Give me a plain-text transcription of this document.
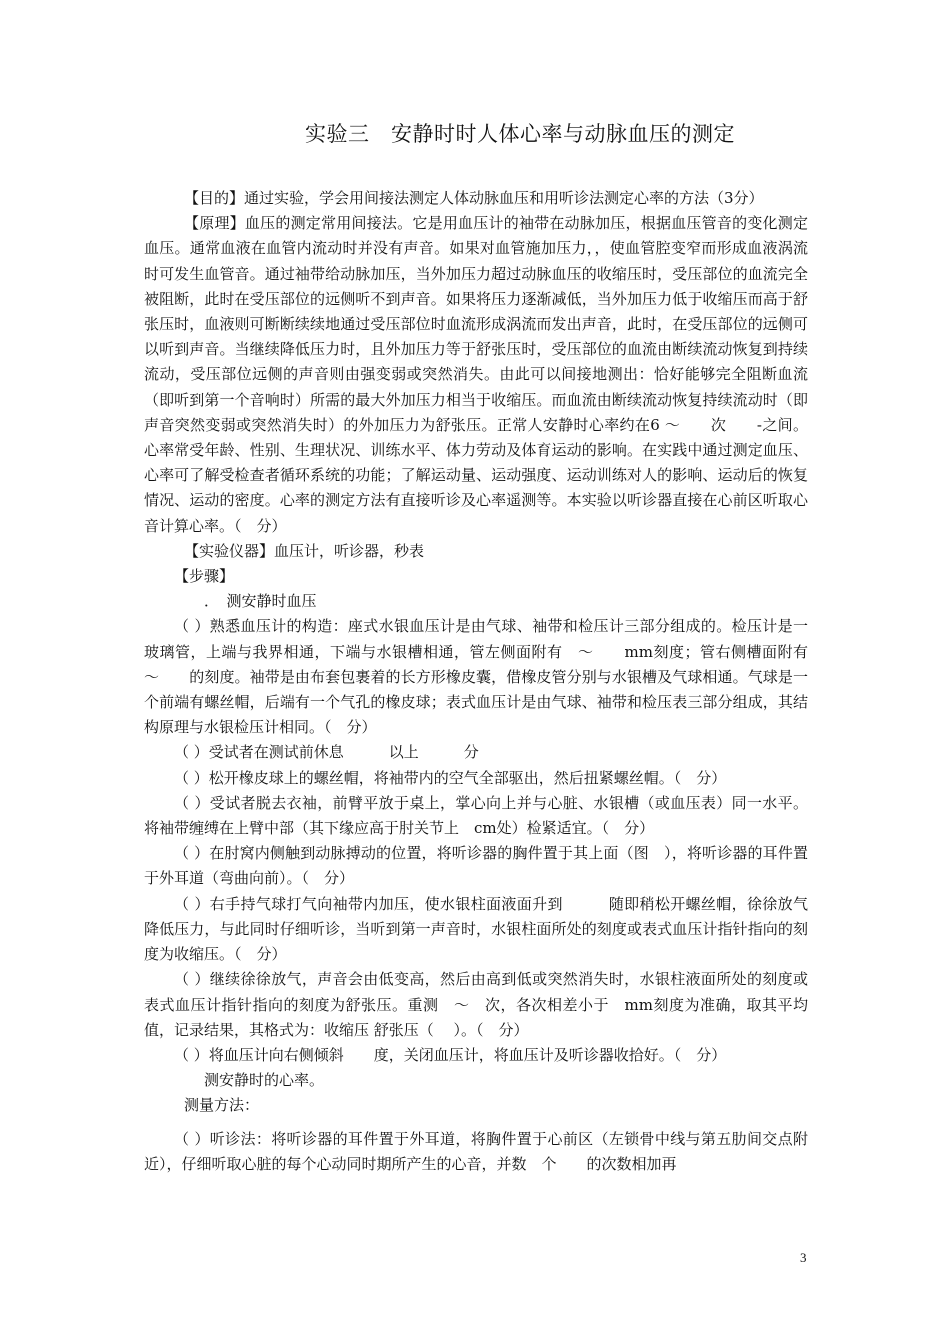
实验三　安静时时人体心率与动脉血压的测定

【目的】通过实验，学会用间接法测定人体动脉血压和用听诊法测定心率的方法（3分）

【原理】血压的测定常用间接法。它是用血压计的袖带在动脉加压，根据血压管音的变化测定血压。通常血液在血管内流动时并没有声音。如果对血管施加压力，，使血管腔变窄而形成血液涡流时可发生血管音。通过袖带给动脉加压，当外加压力超过动脉血压的收缩压时，受压部位的血流完全被阻断，此时在受压部位的远侧听不到声音。如果将压力逐渐减低，当外加压力低于收缩压而高于舒张压时，血液则可断断续续地通过受压部位时血流形成涡流而发出声音，此时，在受压部位的远侧可以听到声音。当继续降低压力时，且外加压力等于舒张压时，受压部位的血流由断续流动恢复到持续流动，受压部位远侧的声音则由强变弱或突然消失。由此可以间接地测出：恰好能够完全阻断血流（即听到第一个音响时）所需的最大外加压力相当于收缩压。而血流由断续流动恢复持续流动时（即声音突然变弱或突然消失时）的外加压力为舒张压。正常人安静时心率约在6 ～　　次　　-之间。心率常受年龄、性别、生理状况、训练水平、体力劳动及体育运动的影响。在实践中通过测定血压、心率可了解受检查者循环系统的功能；了解运动量、运动强度、运动训练对人的影响、运动后的恢复情况、运动的密度。心率的测定方法有直接听诊及心率遥测等。本实验以听诊器直接在心前区听取心音计算心率。（　分）

【实验仪器】血压计，听诊器，秒表

【步骤】

．　测安静时血压

（ ）熟悉血压计的构造：座式水银血压计是由气球、袖带和检压计三部分组成的。检压计是一玻璃管，上端与我界相通，下端与水银槽相通，管左侧面附有　～　　mm刻度；管右侧槽面附有　～　　的刻度。袖带是由布套包裹着的长方形橡皮囊，借橡皮管分别与水银槽及气球相通。气球是一个前端有螺丝帽，后端有一个气孔的橡皮球；表式血压计是由气球、袖带和检压表三部分组成，其结构原理与水银检压计相同。（　分）

（ ）受试者在测试前休息　　　以上　　　分

（ ）松开橡皮球上的螺丝帽，将袖带内的空气全部驱出，然后扭紧螺丝帽。（　分）

（ ）受试者脱去衣袖，前臂平放于桌上，掌心向上并与心脏、水银槽（或血压表）同一水平。将袖带缠缚在上臂中部（其下缘应高于肘关节上　cm处）检紧适宜。（　分）

（ ）在肘窝内侧触到动脉搏动的位置，将听诊器的胸件置于其上面（图　），将听诊器的耳件置于外耳道（弯曲向前）。（　分）

（ ）右手持气球打气向袖带内加压，使水银柱面液面升到　　　随即稍松开螺丝帽，徐徐放气降低压力，与此同时仔细听诊，当听到第一声音时，水银柱面所处的刻度或表式血压计指针指向的刻度为收缩压。（　分）

（ ）继续徐徐放气，声音会由低变高，然后由高到低或突然消失时，水银柱液面所处的刻度或表式血压计指针指向的刻度为舒张压。重测　～　次，各次相差小于　mm刻度为准确，取其平均值，记录结果，其格式为：收缩压 舒张压（　 ）。（　分）

（ ）将血压计向右侧倾斜　　度，关闭血压计，将血压计及听诊器收拾好。（　分）

测安静时的心率。

测量方法：

（ ）听诊法：将听诊器的耳件置于外耳道，将胸件置于心前区（左锁骨中线与第五肋间交点附近），仔细听取心脏的每个心动同时期所产生的心音，并数　个　　的次数相加再

3
